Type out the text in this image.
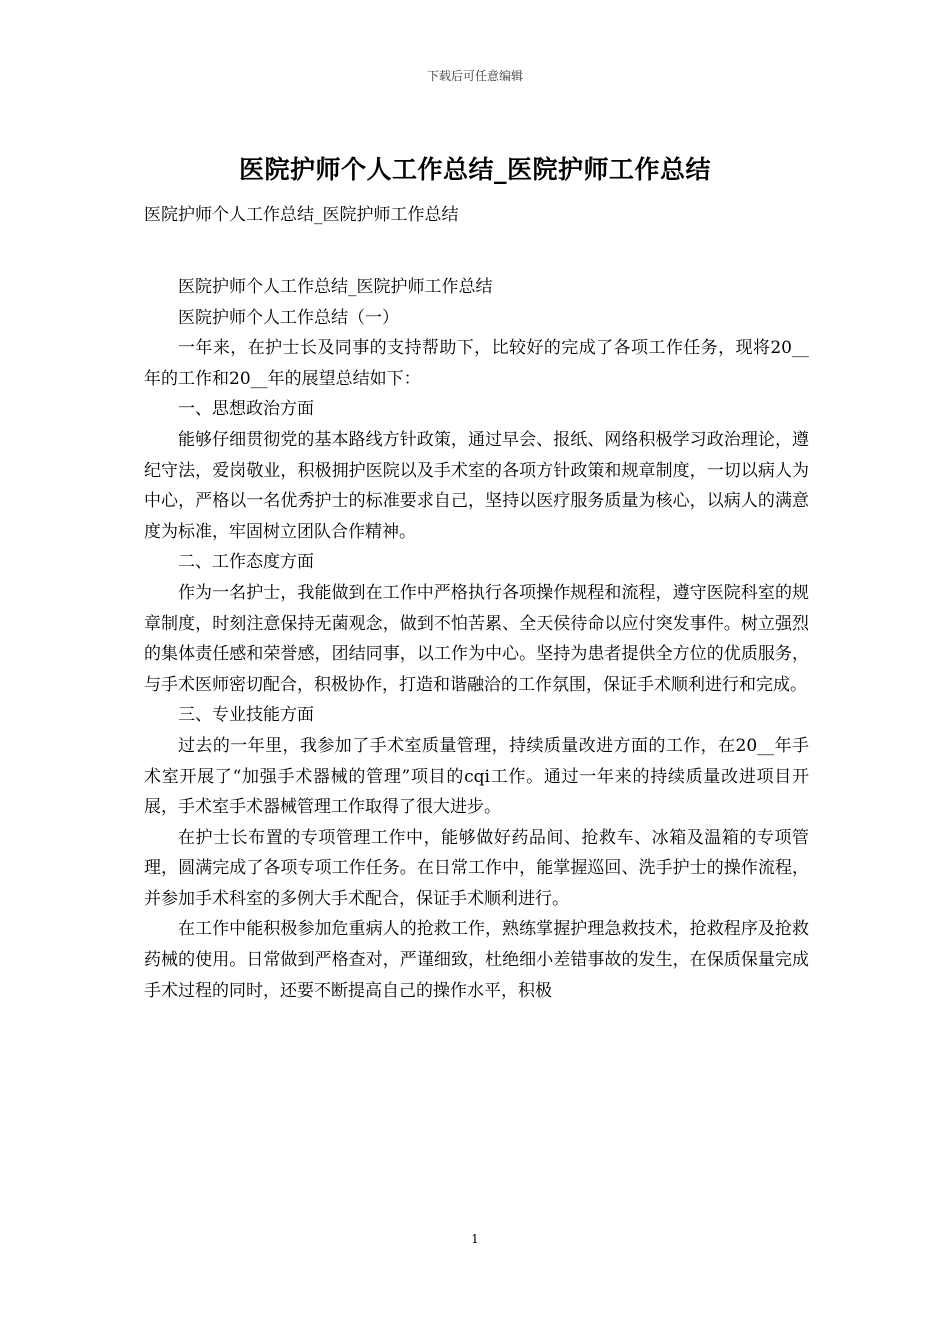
下载后可任意编辑
医院护师个人工作总结_医院护师工作总结

医院护师个人工作总结_医院护师工作总结

医院护师个人工作总结_医院护师工作总结

医院护师个人工作总结（一）

一年来，在护士长及同事的支持帮助下，比较好的完成了各项工作任务，现将20__年的工作和20__年的展望总结如下：

一、思想政治方面

能够仔细贯彻党的基本路线方针政策，通过早会、报纸、网络积极学习政治理论，遵纪守法，爱岗敬业，积极拥护医院以及手术室的各项方针政策和规章制度，一切以病人为中心，严格以一名优秀护士的标准要求自己，坚持以医疗服务质量为核心，以病人的满意度为标准，牢固树立团队合作精神。

二、工作态度方面

作为一名护士，我能做到在工作中严格执行各项操作规程和流程，遵守医院科室的规章制度，时刻注意保持无菌观念，做到不怕苦累、全天侯待命以应付突发事件。树立强烈的集体责任感和荣誉感，团结同事，以工作为中心。坚持为患者提供全方位的优质服务，与手术医师密切配合，积极协作，打造和谐融洽的工作氛围，保证手术顺利进行和完成。

三、专业技能方面

过去的一年里，我参加了手术室质量管理，持续质量改进方面的工作，在20__年手术室开展了“加强手术器械的管理”项目的cqi工作。通过一年来的持续质量改进项目开展，手术室手术器械管理工作取得了很大进步。

在护士长布置的专项管理工作中，能够做好药品间、抢救车、冰箱及温箱的专项管理，圆满完成了各项专项工作任务。在日常工作中，能掌握巡回、洗手护士的操作流程，并参加手术科室的多例大手术配合，保证手术顺利进行。

在工作中能积极参加危重病人的抢救工作，熟练掌握护理急救技术，抢救程序及抢救药械的使用。日常做到严格查对，严谨细致，杜绝细小差错事故的发生，在保质保量完成手术过程的同时，还要不断提高自己的操作水平，积极

1
